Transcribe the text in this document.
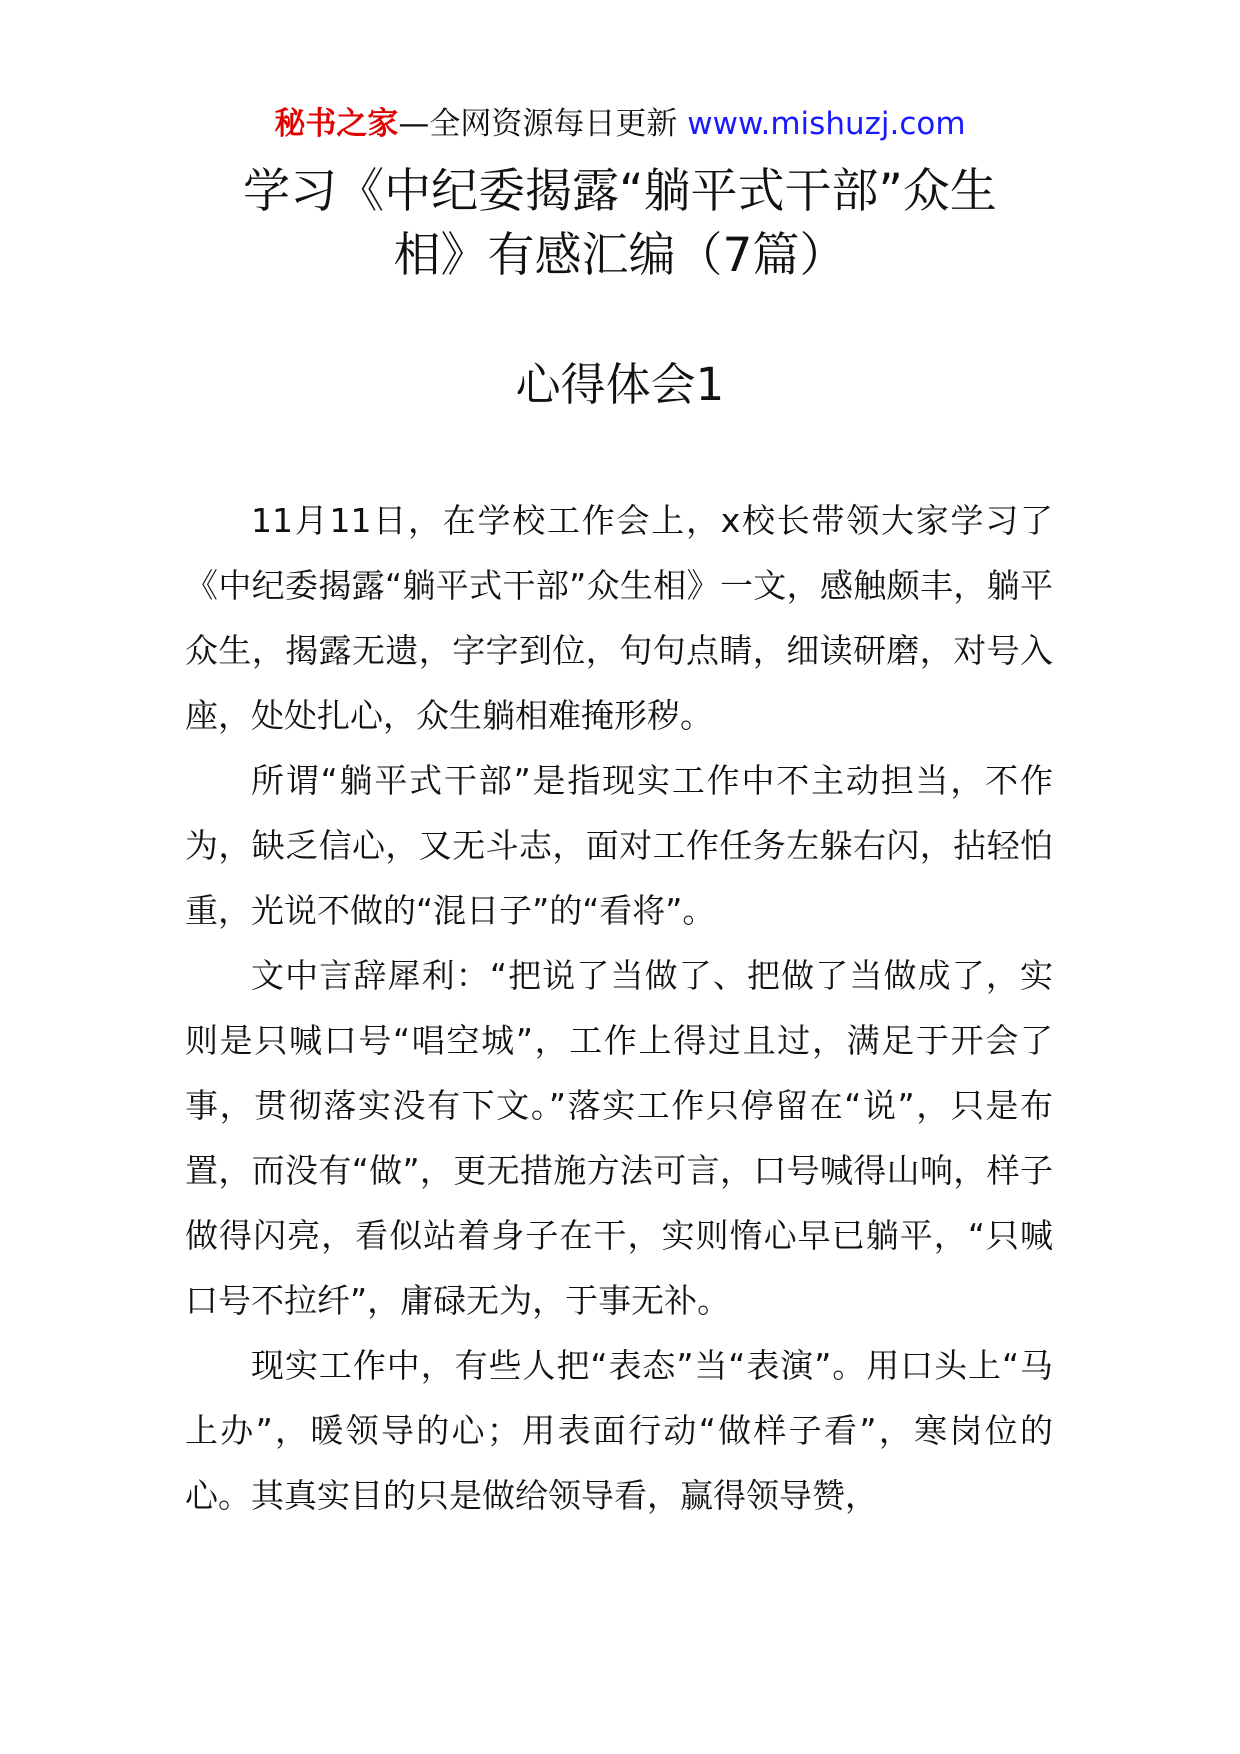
秘书之家—全网资源每日更新 www.mishuzj.com
学习《中纪委揭露“躺平式干部”众生
相》有感汇编（7篇）
心得体会1

11月11日，在学校工作会上，x校长带领大家学习了《中纪委揭露“躺平式干部”众生相》一文，感触颇丰，躺平众生，揭露无遗，字字到位，句句点睛，细读研磨，对号入座，处处扎心，众生躺相难掩形秽。

所谓“躺平式干部”是指现实工作中不主动担当，不作为，缺乏信心，又无斗志，面对工作任务左躲右闪，拈轻怕重，光说不做的“混日子”的“看将”。

文中言辞犀利：“把说了当做了、把做了当做成了，实则是只喊口号“唱空城”，工作上得过且过，满足于开会了事，贯彻落实没有下文。”落实工作只停留在“说”，只是布置，而没有“做”，更无措施方法可言，口号喊得山响，样子做得闪亮，看似站着身子在干，实则惰心早已躺平，“只喊口号不拉纤”，庸碌无为，于事无补。

现实工作中，有些人把“表态”当“表演”。用口头上“马上办”，暖领导的心；用表面行动“做样子看”，寒岗位的心。其真实目的只是做给领导看，赢得领导赞，
